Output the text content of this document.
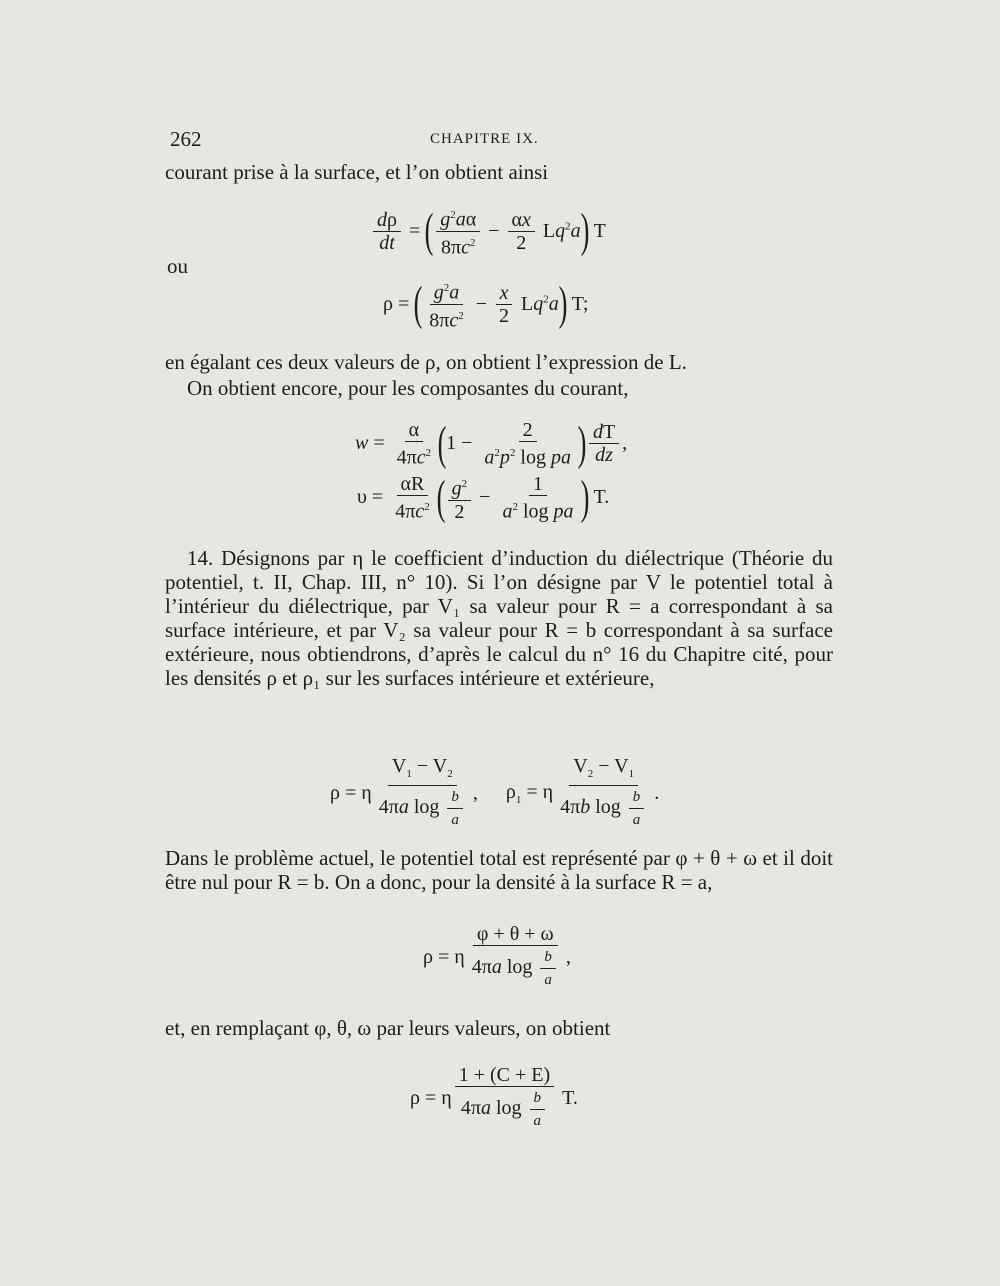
262	CHAPITRE IX.
courant prise à la surface, et l’on obtient ainsi
$\frac{d\rho}{dt}$ = ( $\frac{g^2a\alpha}{8\pi c^2} - \frac{\alpha x}{2} Lq^2a$ ) T
ou
ρ = ( $\frac{g^2a}{8\pi c^2} - \frac{x}{2} Lq^2a$ ) T;
en égalant ces deux valeurs de ρ, on obtient l’expression de L.
On obtient encore, pour les composantes du courant,
$w = \frac{\alpha}{4\pi c^2}$ ( $1 - \frac{2}{a^2p^2 \log pa}$ ) $\frac{dT}{dz}$ ,
$\upsilon = \frac{\alpha R}{4\pi c^2}$ ( $\frac{g^2}{2} - \frac{1}{a^2 \log pa}$ ) T.
14. Désignons par η le coefficient d’induction du diélectrique (Théorie du potentiel, t. II, Chap. III, n° 10). Si l’on désigne par V le potentiel total à l’intérieur du diélectrique, par V₁ sa valeur pour R = a correspondant à sa surface intérieure, et par V₂ sa valeur pour R = b correspondant à sa surface extérieure, nous obtiendrons, d’après le calcul du n° 16 du Chapitre cité, pour les densités ρ et ρ₁ sur les surfaces intérieure et extérieure,
ρ = η $\frac{V_1 - V_2}{4\pi a \log \frac{b}{a}}$ , $\rho_1 = \eta \frac{V_2 - V_1}{4\pi b \log \frac{b}{a}}$ .
Dans le problème actuel, le potentiel total est représenté par φ + θ + ω et il doit être nul pour R = b. On a donc, pour la densité à la surface R = a,
ρ = η $\frac{\varphi + \theta + \omega}{4\pi a \log \frac{b}{a}}$ ,
et, en remplaçant φ, θ, ω par leurs valeurs, on obtient
ρ = η $\frac{1 + (C + E)}{4\pi a \log \frac{b}{a}} T$.
